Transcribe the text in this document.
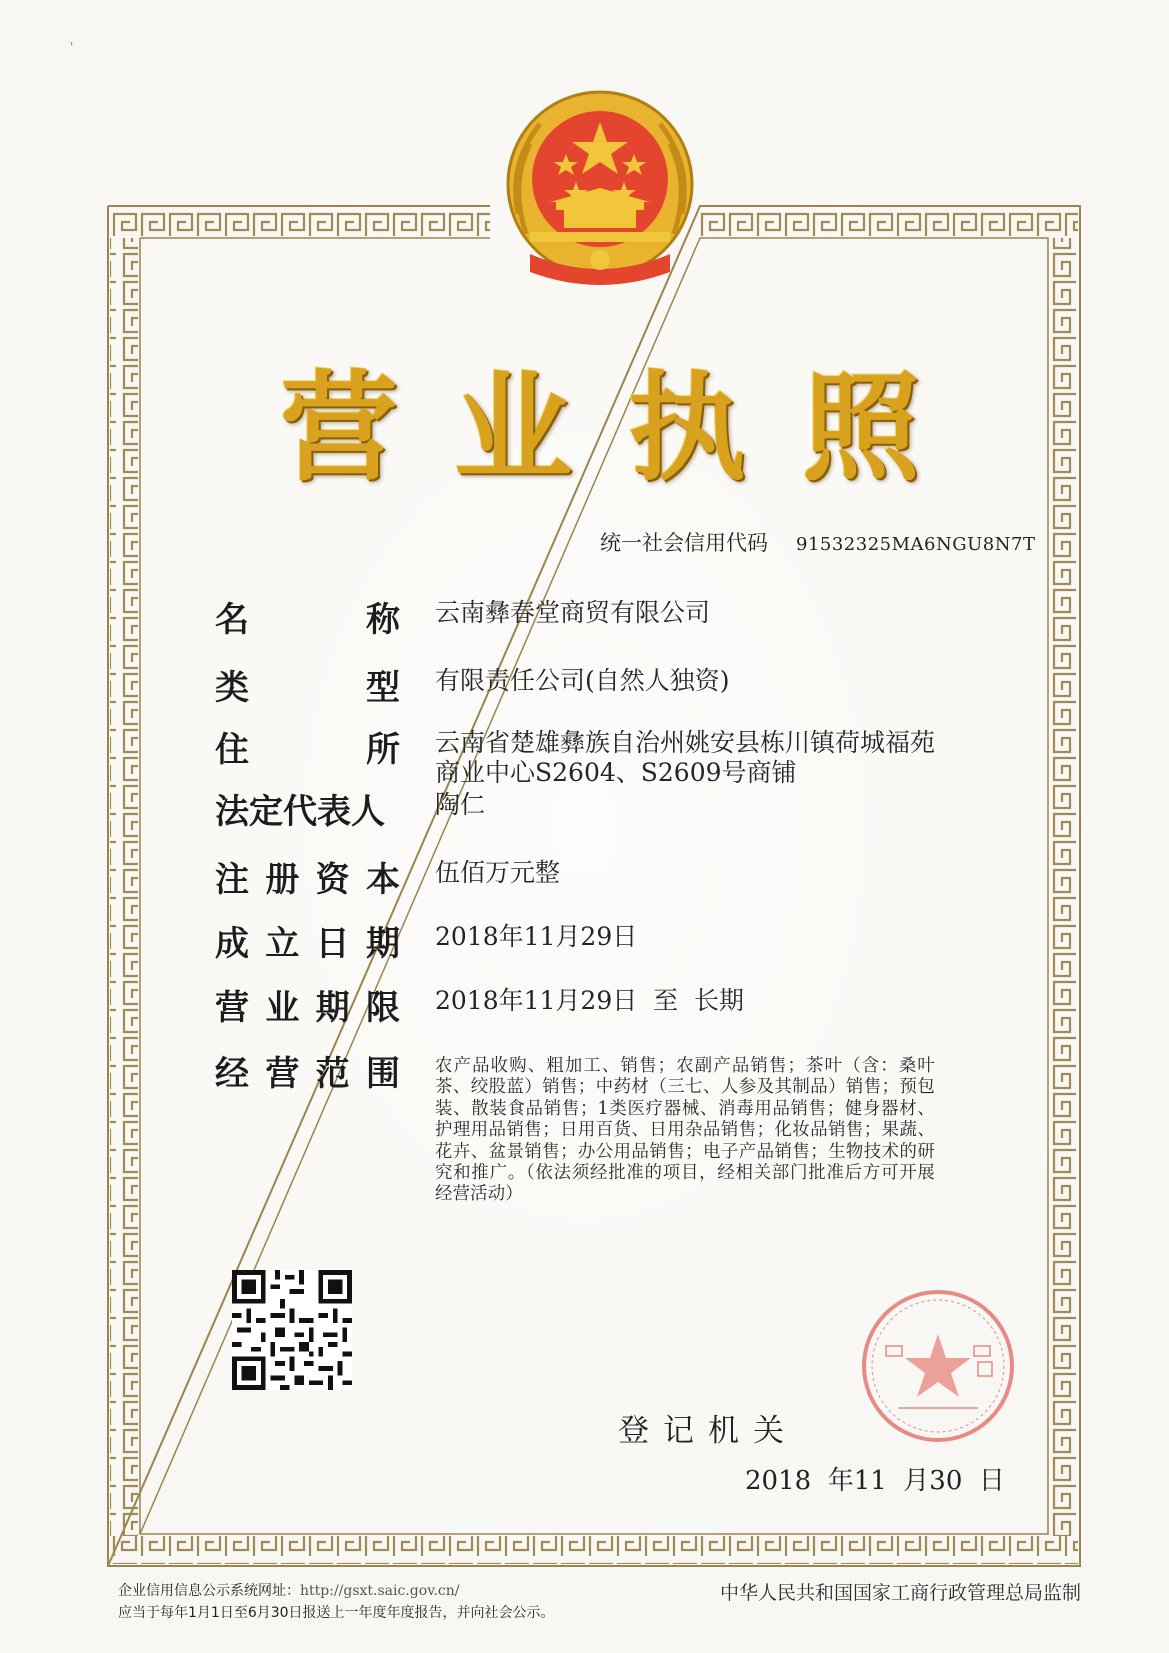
'
营 业 执 照
统一社会信用代码 91532325MA6NGU8N7T
名	称 云南彝春堂商贸有限公司
类	型 有限责任公司(自然人独资)
住	所 云南省楚雄彝族自治州姚安县栋川镇荷城福苑商业中心S2604、S2609号商铺
法定代表人 陶仁
注 册 资 本 伍佰万元整
成 立 日 期 2018年11月29日
营 业 期 限 2018年11月29日  至  长期
经 营 范 围 农产品收购、粗加工、销售；农副产品销售；茶叶（含：桑叶茶、绞股蓝）销售；中药材（三七、人参及其制品）销售；预包装、散装食品销售；1类医疗器械、消毒用品销售；健身器材、护理用品销售；日用百货、日用杂品销售；化妆品销售；果蔬、花卉、盆景销售；办公用品销售；电子产品销售；生物技术的研究和推广。（依法须经批准的项目，经相关部门批准后方可开展经营活动）
登记机关
2018  年11  月30  日
企业信用信息公示系统网址：http://gsxt.saic.gov.cn/
应当于每年1月1日至6月30日报送上一年度年度报告，并向社会公示。
中华人民共和国国家工商行政管理总局监制
